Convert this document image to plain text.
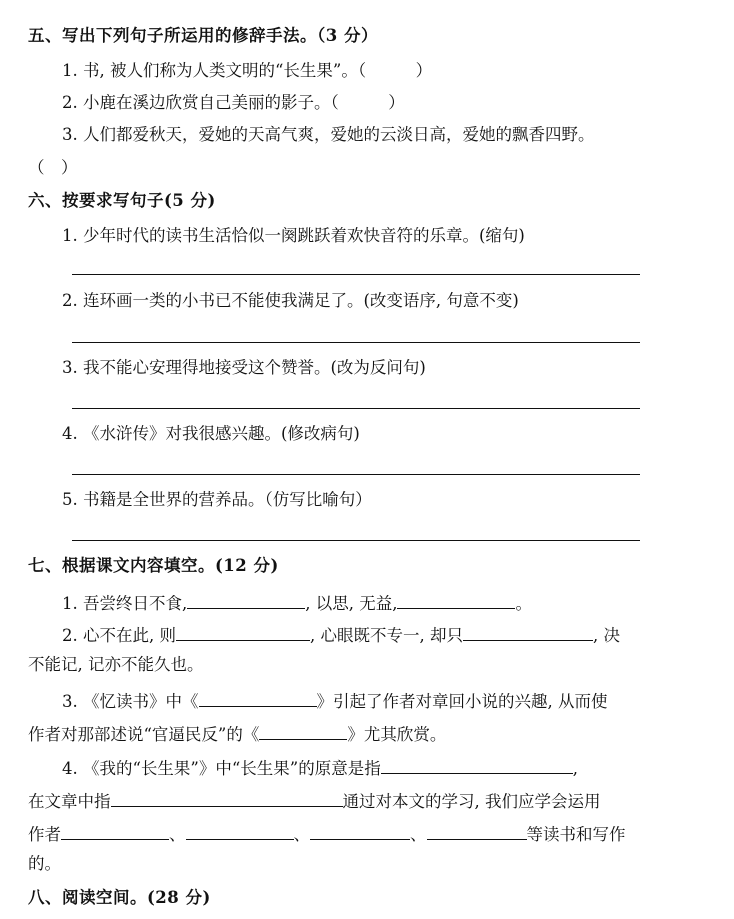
五、写出下列句子所运用的修辞手法。（3 分）
1. 书, 被人们称为人类文明的“长生果”。（　　　）
2. 小鹿在溪边欣赏自己美丽的影子。（　　　）
3. 人们都爱秋天，爱她的天高气爽，爱她的云淡日高，爱她的飘香四野。
（　）
六、按要求写句子(5 分)
1. 少年时代的读书生活恰似一阕跳跃着欢快音符的乐章。(缩句)
2. 连环画一类的小书已不能使我满足了。(改变语序, 句意不变)
3. 我不能心安理得地接受这个赞誉。(改为反问句)
4. 《水浒传》对我很感兴趣。(修改病句)
5. 书籍是全世界的营养品。（仿写比喻句）
七、根据课文内容填空。(12 分)
1. 吾尝终日不食,	, 以思, 无益,	。
2. 心不在此, 则	, 心眼既不专一, 却只	, 决
不能记, 记亦不能久也。
3. 《忆读书》中《	》引起了作者对章回小说的兴趣, 从而使
作者对那部述说“官逼民反”的《	》尤其欣赏。
4. 《我的“长生果”》中“长生果”的原意是指	,
在文章中指	通过对本文的学习, 我们应学会运用
作者	、	、	、	等读书和写作
的。
八、阅读空间。(28 分)
